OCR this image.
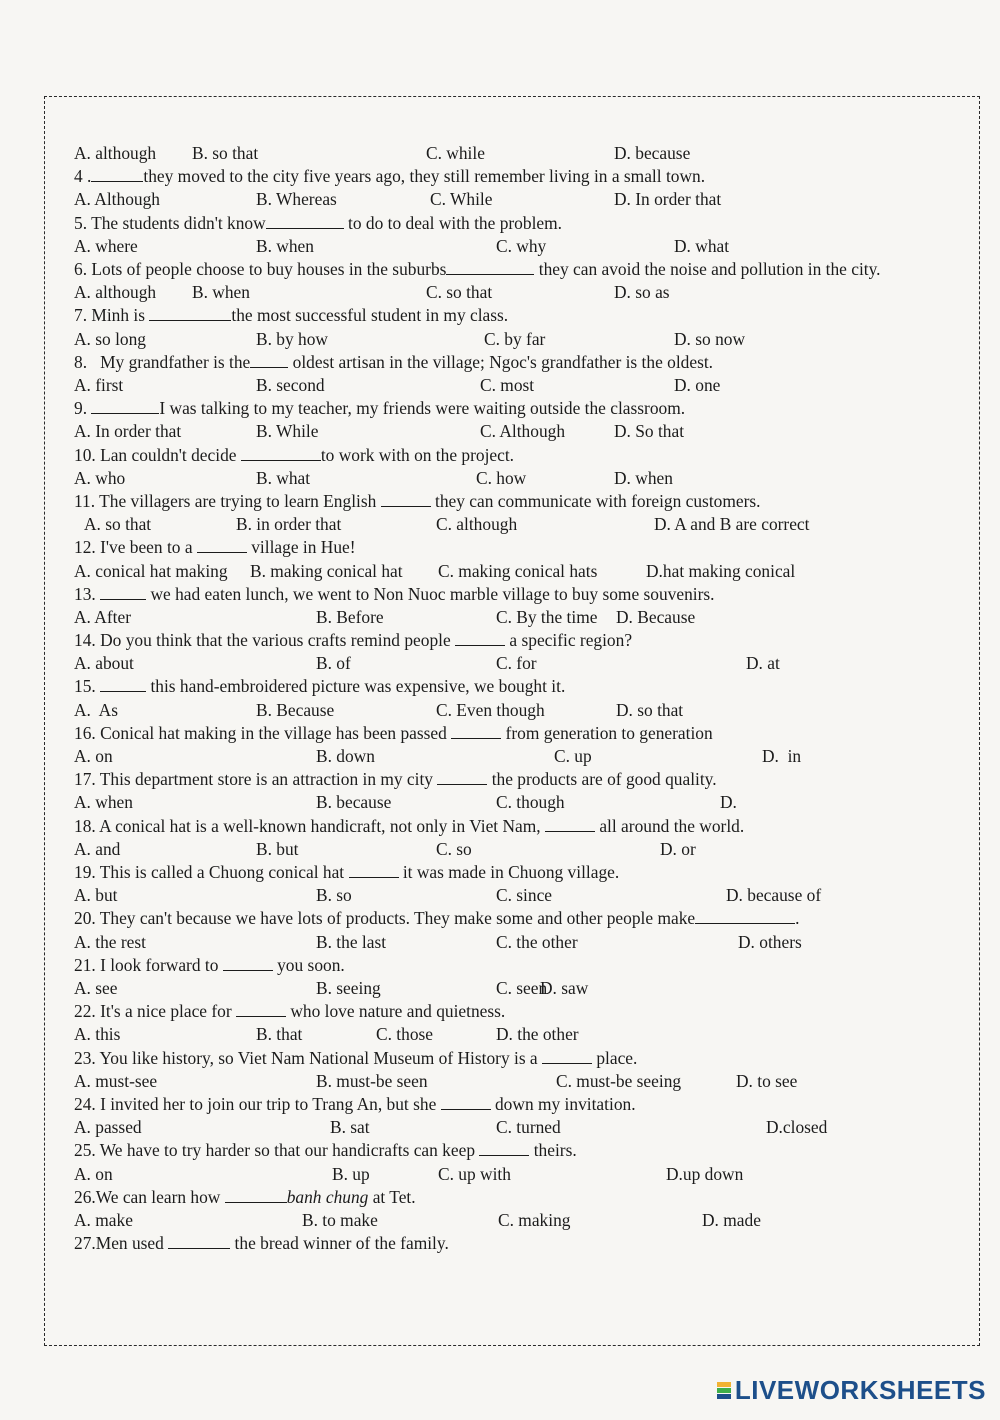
A. although

B. so that

	C. while

	D. because

4 .	they moved to the city five years ago, they still remember living in a small town.

A. Although

	B. Whereas

	C. While

	D. In order that

5. The students didn't know	to do to deal with the problem.

A. where

	B. when

	C. why

	D. what

6. Lots of people choose to buy houses in the suburbs	they can avoid the noise and pollution in the city.

A. although

B. when

	C. so that

	D. so as

7. Minh is	the most successful student in my class.

A. so long

	B. by how

	C. by far

	D. so now

8.   My grandfather is the oldest artisan in the village; Ngoc's grandfather is the oldest.

A. first

	B. second

	C. most

	D. one

9.	I was talking to my teacher, my friends were waiting outside the classroom.

A. In order that

	B. While

	C. Although

	D. So that

10. Lan couldn't decide	to work with on the project.

A. who

	B. what

	C. how

	D. when

11. The villagers are trying to learn English	they can communicate with foreign customers.

A. so that

	B. in order that

	C. although

	D. A and B are correct

12. I've been to a	village in Hue!

A. conical hat making

B. making conical hat

C. making conical hats

	D.hat making conical

13.	we had eaten lunch, we went to Non Nuoc marble village to buy some souvenirs.

A. After

	B. Before

	C. By the time

D. Because

14. Do you think that the various crafts remind people	a specific region?

A. about

	B. of

	C. for

	D. at

15.	this hand-embroidered picture was expensive, we bought it.

A.  As

	B. Because

	C. Even though

	D. so that

16. Conical hat making in the village has been passed	from generation to generation

A. on

	B. down

	C. up

	D.  in

17. This department store is an attraction in my city	the products are of good quality.

A. when

	B. because

	C. though

	D.

18. A conical hat is a well-known handicraft, not only in Viet Nam,	all around the world.

A. and

	B. but

	C. so

	D. or

19. This is called a Chuong conical hat	it was made in Chuong village.

A. but

	B. so

	C. since

	D. because of

20. They can't because we have lots of products. They make some and other people make	.

A. the rest

	B. the last

	C. the other

	D. others

21. I look forward to	you soon.

A. see

	B. seeing

	C. seen

D. saw

22. It's a nice place for	who love nature and quietness.

A. this

	B. that

	C. those

	D. the other

23. You like history, so Viet Nam National Museum of History is a	place.

A. must-see

	B. must-be seen

	C. must-be seeing

	D. to see

24. I invited her to join our trip to Trang An, but she	down my invitation.

A. passed

	B. sat

	C. turned

	D.closed

25. We have to try harder so that our handicrafts can keep	theirs.

A. on

	B. up

	C. up with

	D.up down

26.We can learn how	banh chung at Tet.

A. make

	B. to make

	C. making

	D. made

27.Men used	the bread winner of the family.
LIVEWORKSHEETS
